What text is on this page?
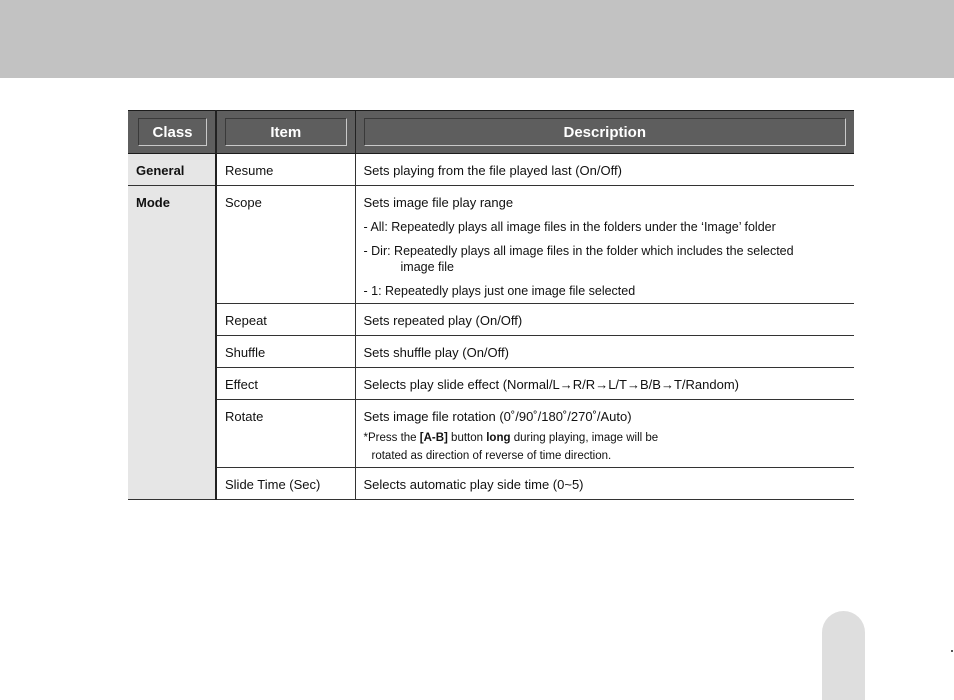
Class	Item	Description

General	Resume	Sets playing from the file played last (On/Off)
Mode	Scope	Sets image file play range
- All: Repeatedly plays all image files in the folders under the ‘Image’ folder
- Dir: Repeatedly plays all image files in the folder which includes the selected
image file
- 1: Repeatedly plays just one image file selected

	Repeat	Sets repeated play (On/Off)
	Shuffle	Sets shuffle play (On/Off)
	Effect	Selects play slide effect (Normal/L→R/R→L/T→B/B→T/Random)
	Rotate	Sets image file rotation (0˚/90˚/180˚/270˚/Auto)
*Press the [A-B] button long during playing, image will be
rotated as direction of reverse of time direction.

	Slide Time (Sec)	Selects automatic play side time (0~5)
